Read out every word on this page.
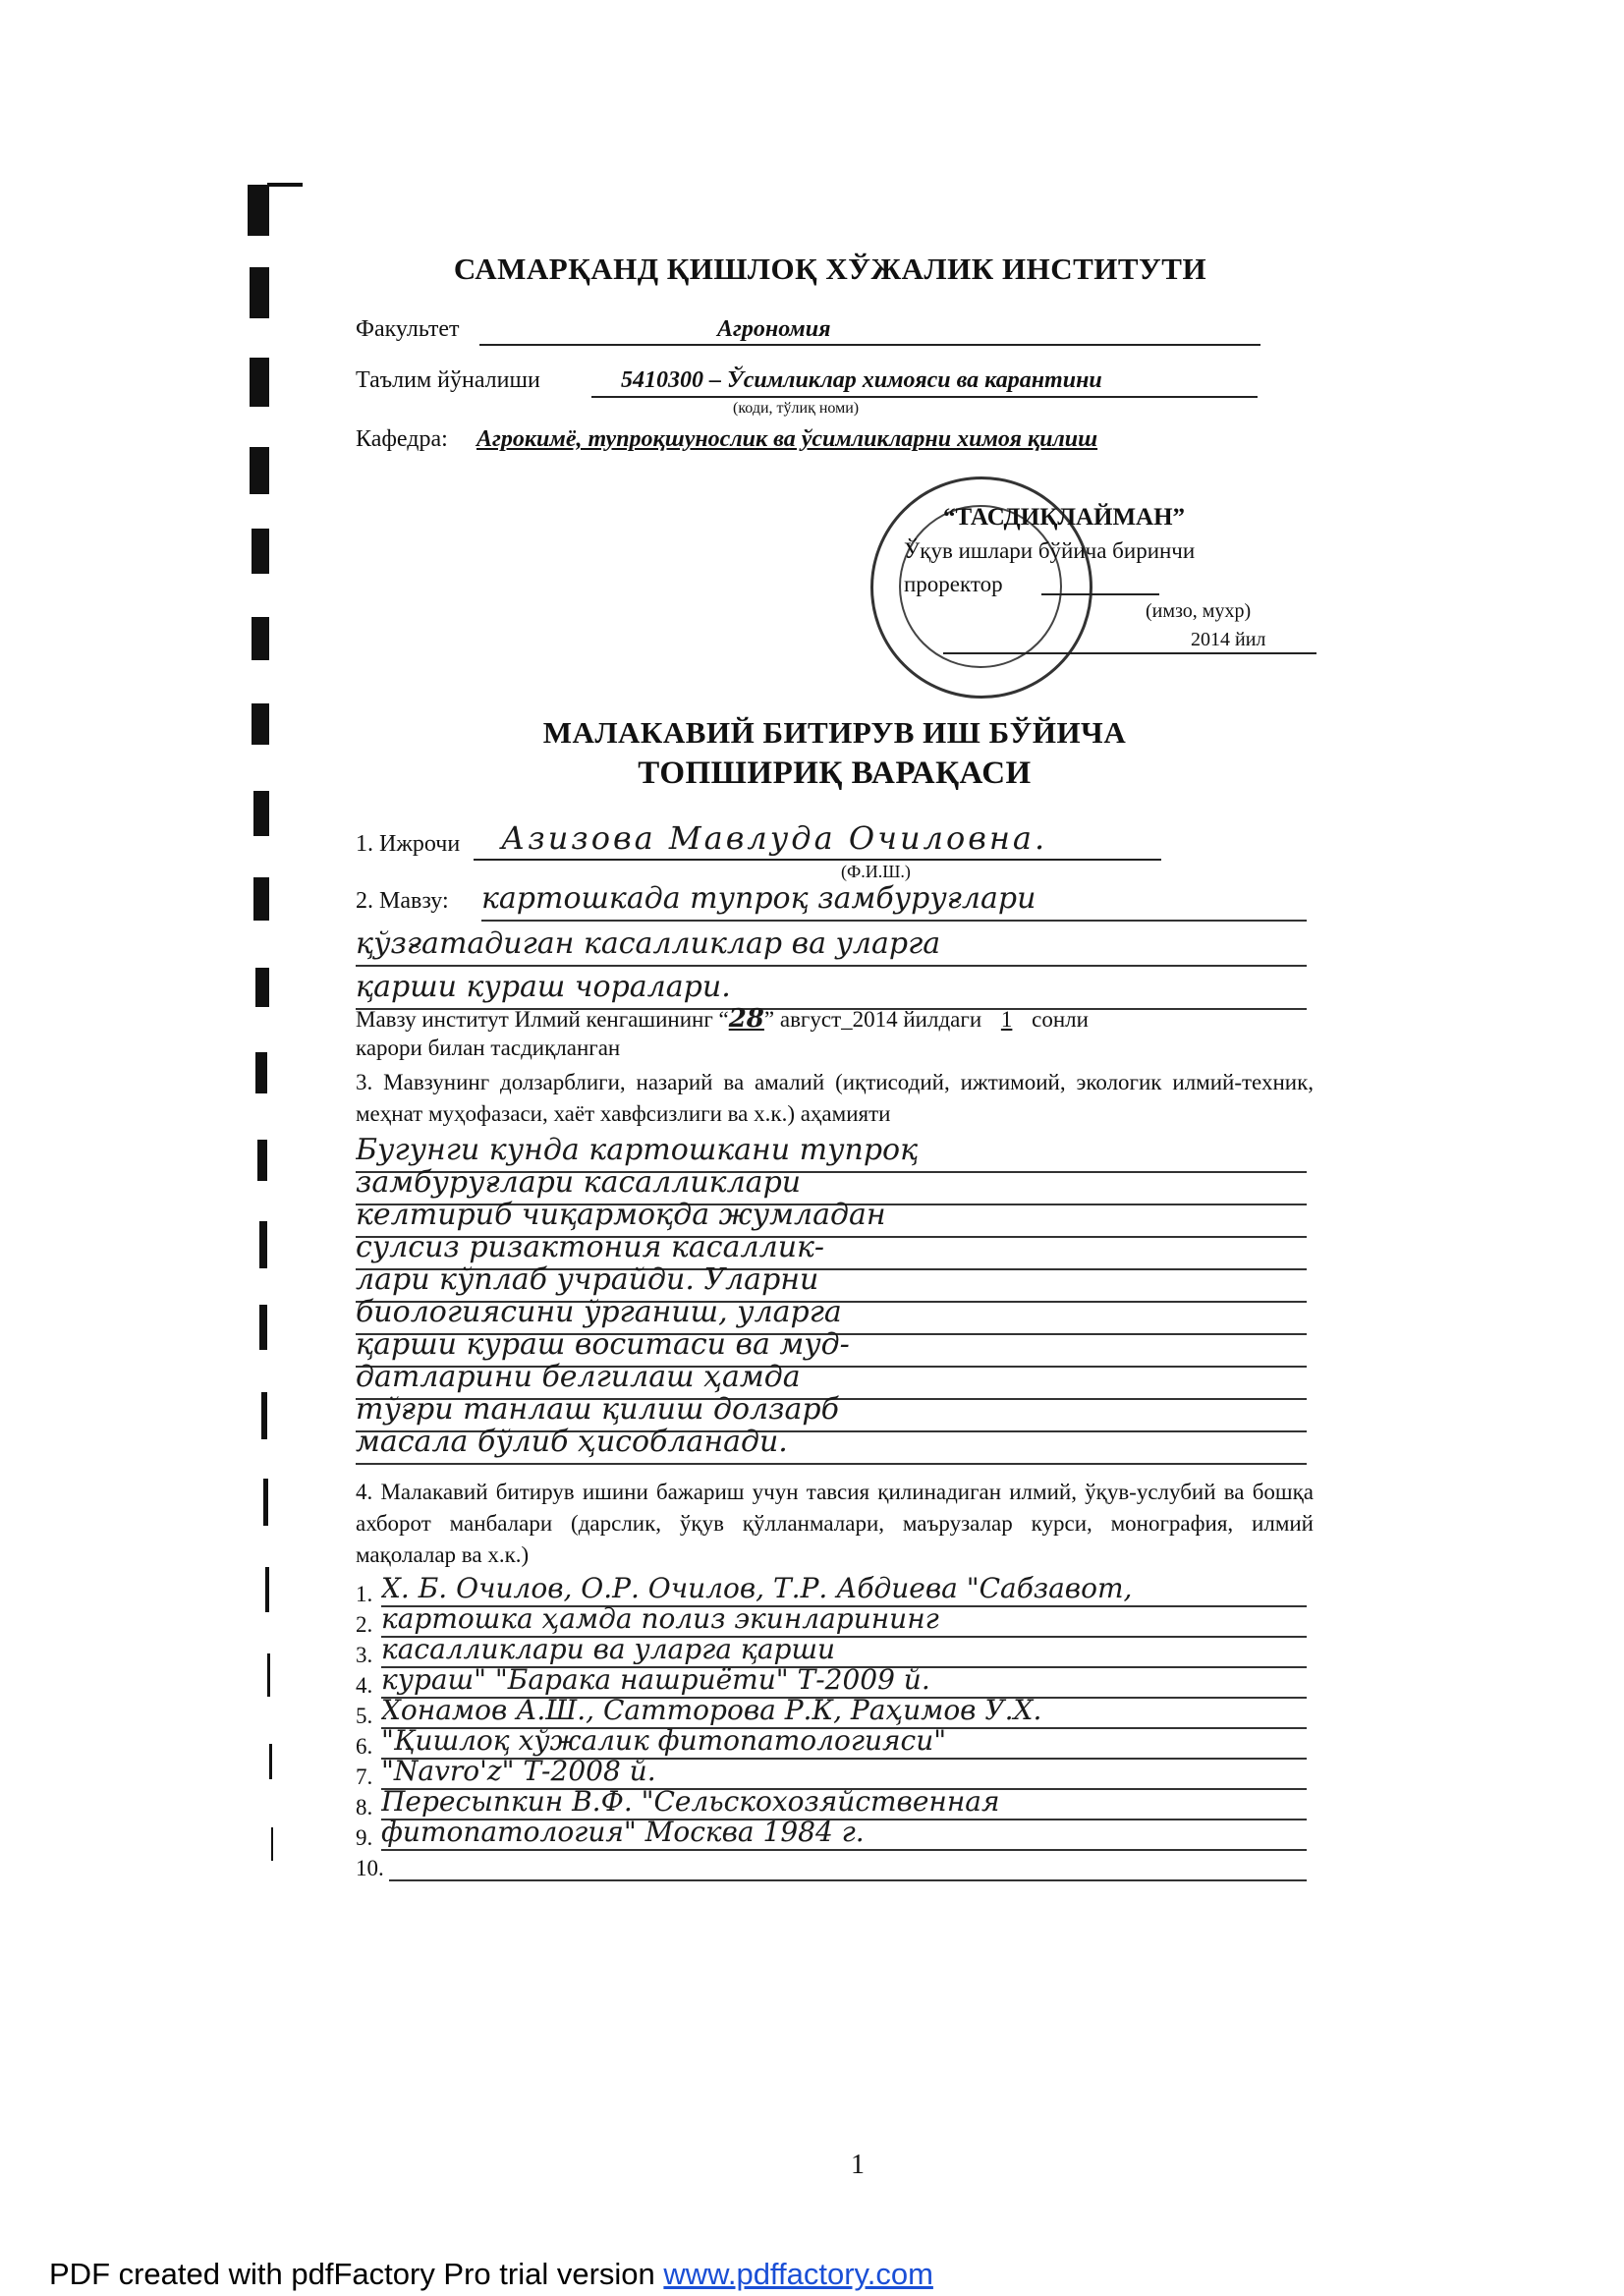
САМАРҚАНД ҚИШЛОҚ ХЎЖАЛИК ИНСТИТУТИ
Факультет	Агрономия
Таълим йўналиши	5410300 – Ўсимликлар химояси ва карантини
(коди, тўлиқ номи)
Кафедра: Агрокимё, тупроқшунослик ва ўсимликларни химоя қилиш
“ТАСДИҚЛАЙМАН”
Ўқув ишлари бўйича биринчи
проректор
(имзо, мухр)
2014 йил
МАЛАКАВИЙ БИТИРУВ ИШ БЎЙИЧА
ТОПШИРИҚ ВАРАҚАСИ
1. Ижрочи Азизова Мавлуда Очиловна.
(Ф.И.Ш.)
2. Мавзу: картошкада тупроқ замбуруғлари
қўзғатадиган касалликлар ва уларга
қарши кураш чоралари.
Мавзу институт Илмий кенгашининг “28” август_2014 йилдаги 1 сонли
карори билан тасдиқланган
3. Мавзунинг долзарблиги, назарий ва амалий (иқтисодий, ижтимоий, экологик илмий-техник, меҳнат муҳофазаси, хаёт хавфсизлиги ва х.к.) аҳамияти
Бугунги кунда картошкани тупроқ
замбуруғлари касалликлари
келтириб чиқармоқда жумладан
сулсиз ризактония касаллик-
лари кўплаб учрайди. Уларни
биологиясини ўрганиш, уларга
қарши кураш воситаси ва муд-
датларини белгилаш ҳамда
тўғри танлаш қилиш долзарб
масала бўлиб ҳисобланади.
4. Малакавий битирув ишини бажариш учун тавсия қилинадиган илмий, ўқув-услубий ва бошқа ахборот манбалари (дарслик, ўқув қўлланмалари, маърузалар курси, монография, илмий мақолалар ва х.к.)
1. Х. Б. Очилов, О.Р. Очилов, Т.Р. Абдиева "Сабзавот,
2. картошка ҳамда полиз экинларининг
3. касалликлари ва уларга қарши
4. кураш" "Барака нашриёти" Т-2009 й.
5. Хонамов А.Ш., Сатторова Р.К, Раҳимов У.Х.
6. "Қишлоқ хўжалик фитопатологияси"
7. "Navro'z" Т-2008 й.
8. Пересыпкин В.Ф. "Сельскохозяйственная
9. фитопатология" Москва 1984 г.
10.
1
PDF created with pdfFactory Pro trial version www.pdffactory.com
